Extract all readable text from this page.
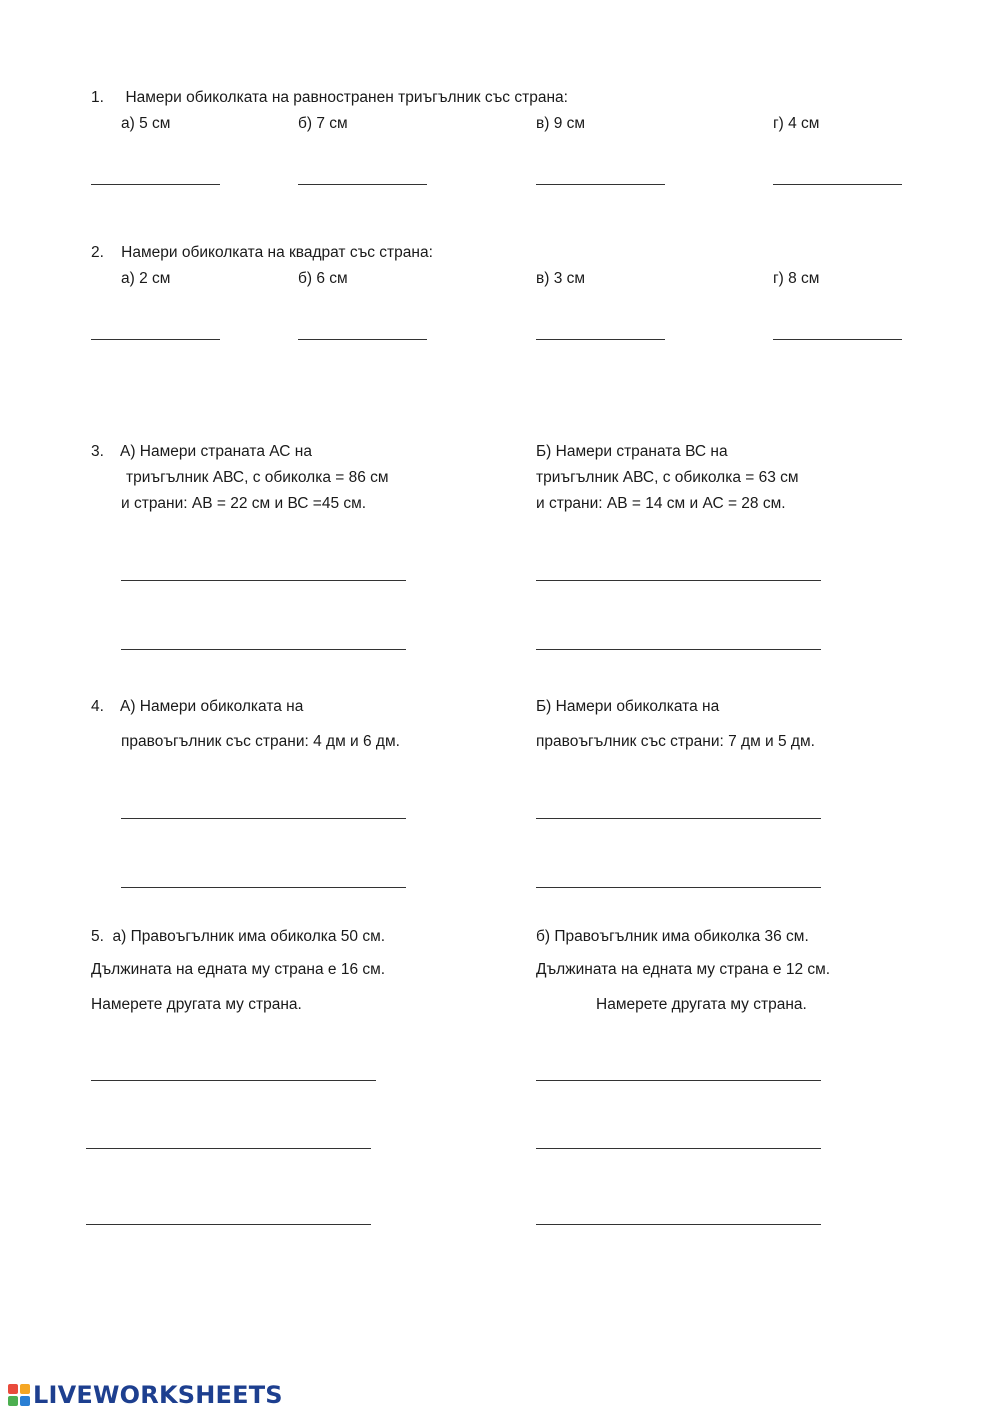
1.     Намери обиколката на равностранен триъгълник със страна:
а) 5 см	б) 7 см	в) 9 см	г) 4 см
2.    Намери обиколката на квадрат със страна:
а) 2 см	б) 6 см	в) 3 см	г) 8 см
3. А) Намери страната АС на
триъгълник АВС, с обиколка = 86 см
и страни: АВ = 22 см и ВС =45 см.
Б) Намери страната ВС на
триъгълник АВС, с обиколка = 63 см
и страни: АВ = 14 см и АС = 28 см.
4. А) Намери обиколката на
правоъгълник със страни: 4 дм и 6 дм.
Б) Намери обиколката на
правоъгълник със страни: 7 дм и 5 дм.
5.  а) Правоъгълник има обиколка 50 см.
Дължината на едната му страна е 16 см.
Намерете другата му страна.
б) Правоъгълник има обиколка 36 см.
Дължината на едната му страна е 12 см.
Намерете другата му страна.
LIVEWORKSHEETS
